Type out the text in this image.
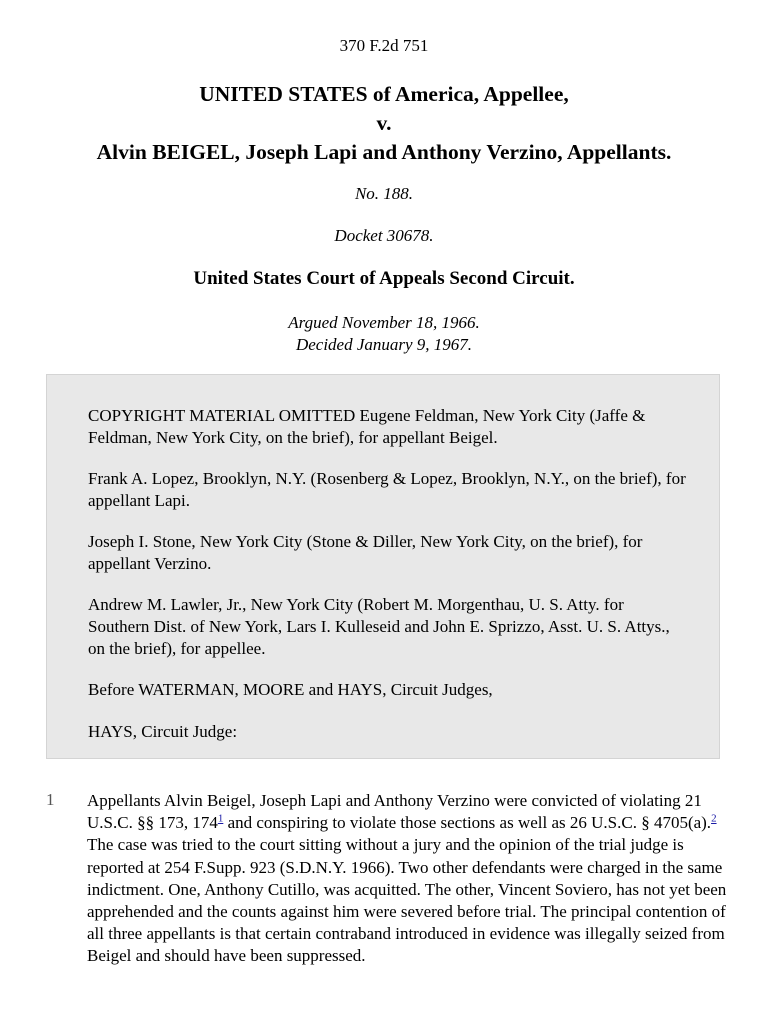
370 F.2d 751
UNITED STATES of America, Appellee,
v.
Alvin BEIGEL, Joseph Lapi and Anthony Verzino, Appellants.
No. 188.
Docket 30678.
United States Court of Appeals Second Circuit.
Argued November 18, 1966.
Decided January 9, 1967.

COPYRIGHT MATERIAL OMITTED Eugene Feldman, New York City (Jaffe & Feldman, New York City, on the brief), for appellant Beigel.

Frank A. Lopez, Brooklyn, N.Y. (Rosenberg & Lopez, Brooklyn, N.Y., on the brief), for appellant Lapi.

Joseph I. Stone, New York City (Stone & Diller, New York City, on the brief), for appellant Verzino.

Andrew M. Lawler, Jr., New York City (Robert M. Morgenthau, U. S. Atty. for Southern Dist. of New York, Lars I. Kulleseid and John E. Sprizzo, Asst. U. S. Attys., on the brief), for appellee.

Before WATERMAN, MOORE and HAYS, Circuit Judges,

HAYS, Circuit Judge:

1 Appellants Alvin Beigel, Joseph Lapi and Anthony Verzino were convicted of violating 21 U.S.C. §§ 173, 174$^1$ and conspiring to violate those sections as well as 26 U.S.C. § 4705(a).$^2$ The case was tried to the court sitting without a jury and the opinion of the trial judge is reported at 254 F.Supp. 923 (S.D.N.Y. 1966). Two other defendants were charged in the same indictment. One, Anthony Cutillo, was acquitted. The other, Vincent Soviero, has not yet been apprehended and the counts against him were severed before trial. The principal contention of all three appellants is that certain contraband introduced in evidence was illegally seized from Beigel and should have been suppressed.
